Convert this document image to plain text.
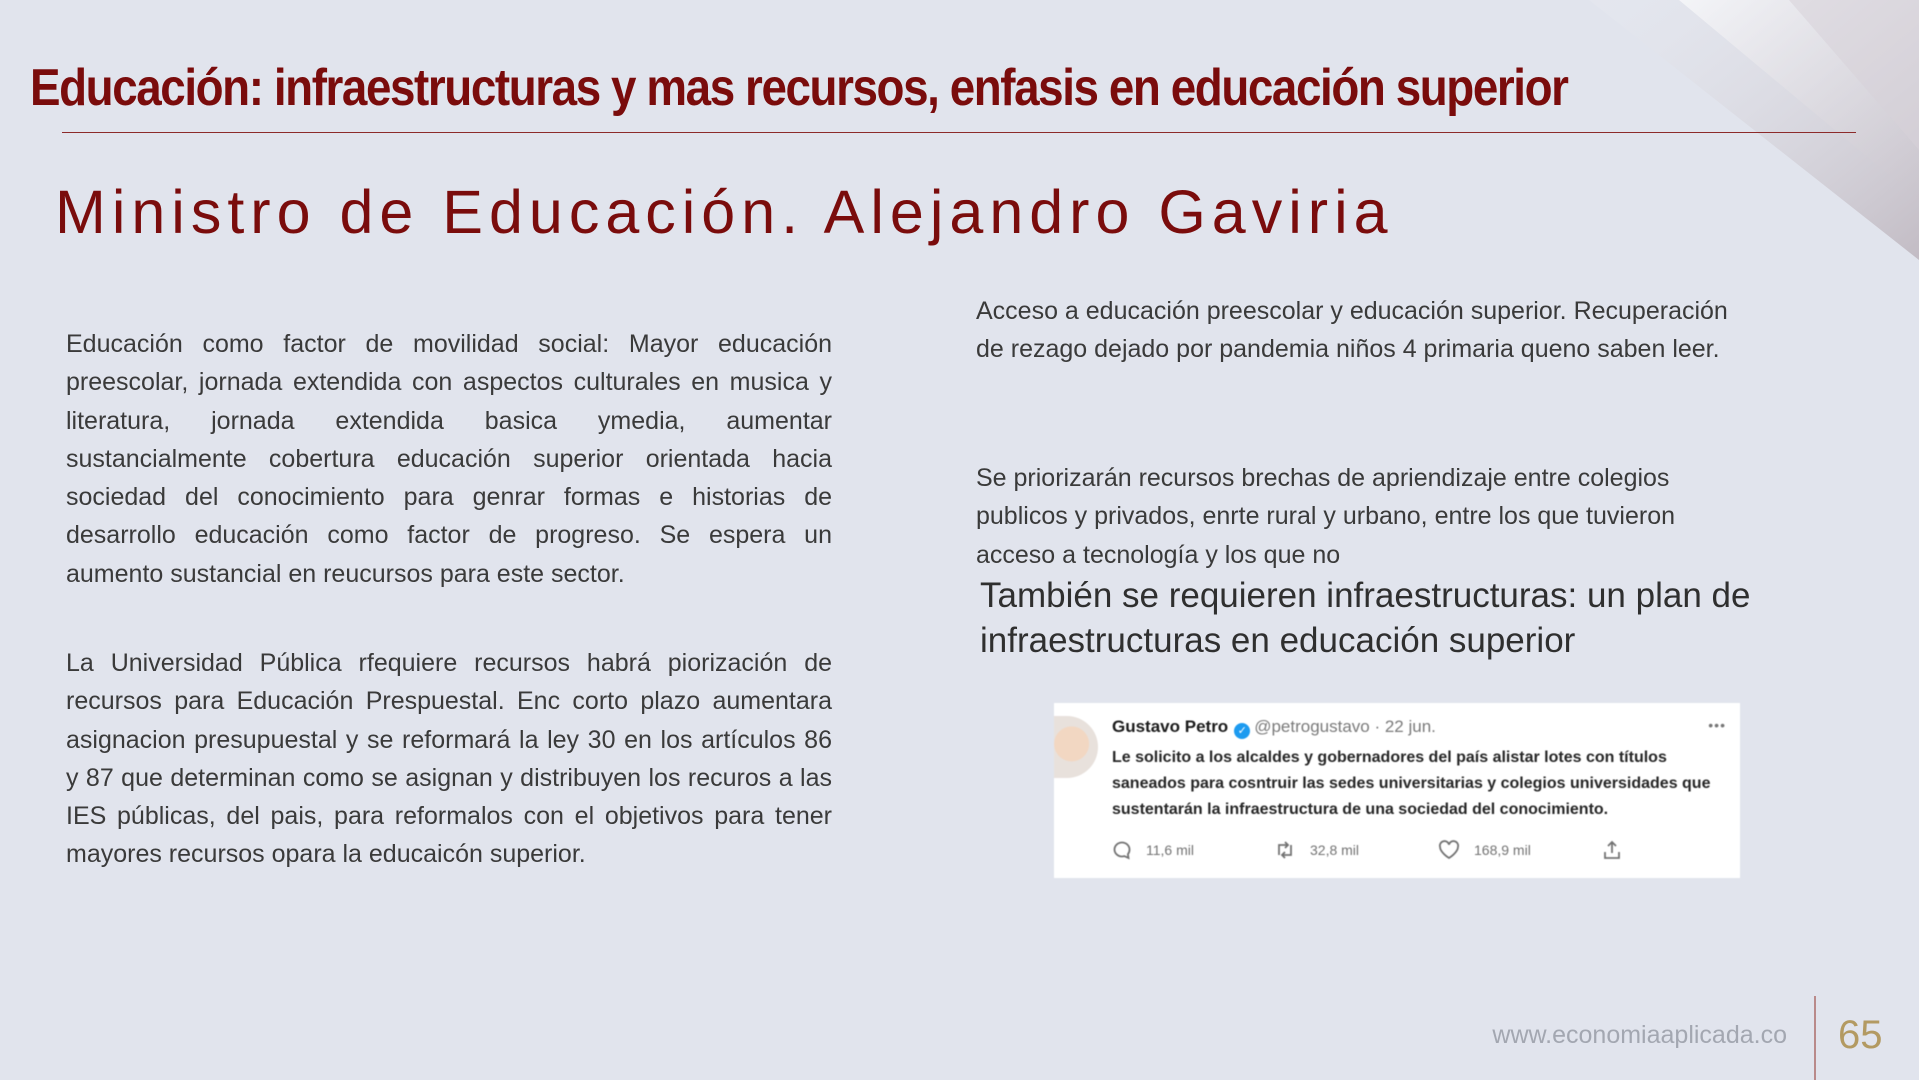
Educación: infraestructuras y mas recursos, enfasis en educación superior
Ministro de Educación. Alejandro Gaviria

Educación como factor de movilidad social: Mayor educación preescolar, jornada extendida con aspectos culturales en musica y literatura, jornada extendida basica ymedia, aumentar sustancialmente cobertura educación superior orientada hacia sociedad del conocimiento para genrar formas e historias de desarrollo educación como factor de progreso. Se espera un aumento sustancial en reucursos para este sector.

La Universidad Pública rfequiere recursos habrá piorización de recursos para Educación Prespuestal. Enc corto plazo aumentara asignacion presupuestal y se reformará la ley 30 en los artículos 86 y 87 que determinan como se asignan y distribuyen los recuros a las IES públicas, del pais, para reformalos con el objetivos para tener mayores recursos opara la educaicón superior.

Acceso a educación preescolar y educación superior. Recuperación de rezago dejado por pandemia niños 4 primaria queno saben leer.

Se priorizarán recursos brechas de apriendizaje entre colegios publicos y privados, enrte rural y urbano, entre los que tuvieron acceso a tecnología y los que no

También se requieren infraestructuras: un plan de infraestructuras en educación superior

Gustavo Petro ✓ @petrogustavo · 22 jun.	•••

Le solicito a los alcaldes y gobernadores del país alistar lotes con títulos saneados para cosntruir las sedes universitarias y colegios universidades que sustentarán la infraestructura de una sociedad del conocimiento.

11,6 mil	32,8 mil	168,9 mil
www.economiaaplicada.co 65
